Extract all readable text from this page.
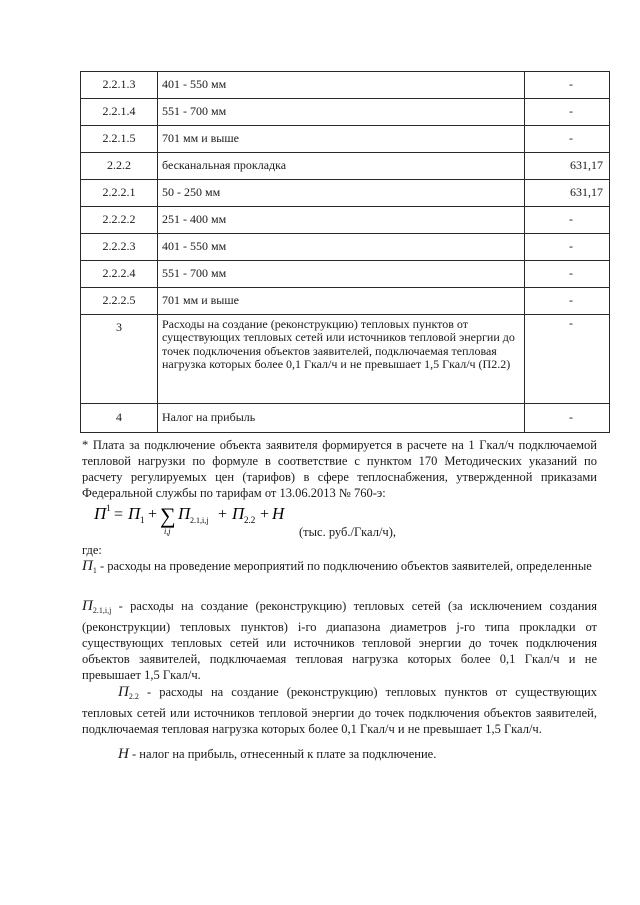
2.2.1.3	401 - 550 мм	-
2.2.1.4	551 - 700 мм	-
2.2.1.5	701 мм и выше	-
2.2.2	бесканальная прокладка	631,17
2.2.2.1	50 - 250 мм	631,17
2.2.2.2	251 - 400 мм	-
2.2.2.3	401 - 550 мм	-
2.2.2.4	551 - 700 мм	-
2.2.2.5	701 мм и выше	-
3	Расходы на создание (реконструкцию) тепловых пунктов от существующих тепловых сетей или источников тепловой энергии до точек подключения объектов заявителей, подключаемая тепловая нагрузка которых более 0,1 Гкал/ч и не превышает 1,5 Гкал/ч (П2.2)	-
4	Налог на прибыль	-
* Плата за подключение объекта заявителя формируется в расчете на 1 Гкал/ч подключаемой тепловой нагрузки по формуле в соответствие с пунктом 170 Методических указаний по расчету регулируемых цен (тарифов) в сфере теплоснабжения, утвержденной приказами Федеральной службы по тарифам от 13.06.2013 № 760-э:
П 1 = П 1 + ∑
i,j
П 2.1,i,j + П 2.2 + Н
(тыс. руб./Гкал/ч),
где:
$П_1$ - расходы на проведение мероприятий по подключению объектов заявителей, определенные
$П_{2.1,i,j}$ - расходы на создание (реконструкцию) тепловых сетей (за исключением создания (реконструкции) тепловых пунктов) i-го диапазона диаметров j-го типа прокладки от существующих тепловых сетей или источников тепловой энергии до точек подключения объектов заявителей, подключаемая тепловая нагрузка которых более 0,1 Гкал/ч и не превышает 1,5 Гкал/ч.
$П_{2.2}$ - расходы на создание (реконструкцию) тепловых пунктов от существующих тепловых сетей или источников тепловой энергии до точек подключения объектов заявителей, подключаемая тепловая нагрузка которых более 0,1 Гкал/ч и не превышает 1,5 Гкал/ч.
Н - налог на прибыль, отнесенный к плате за подключение.
